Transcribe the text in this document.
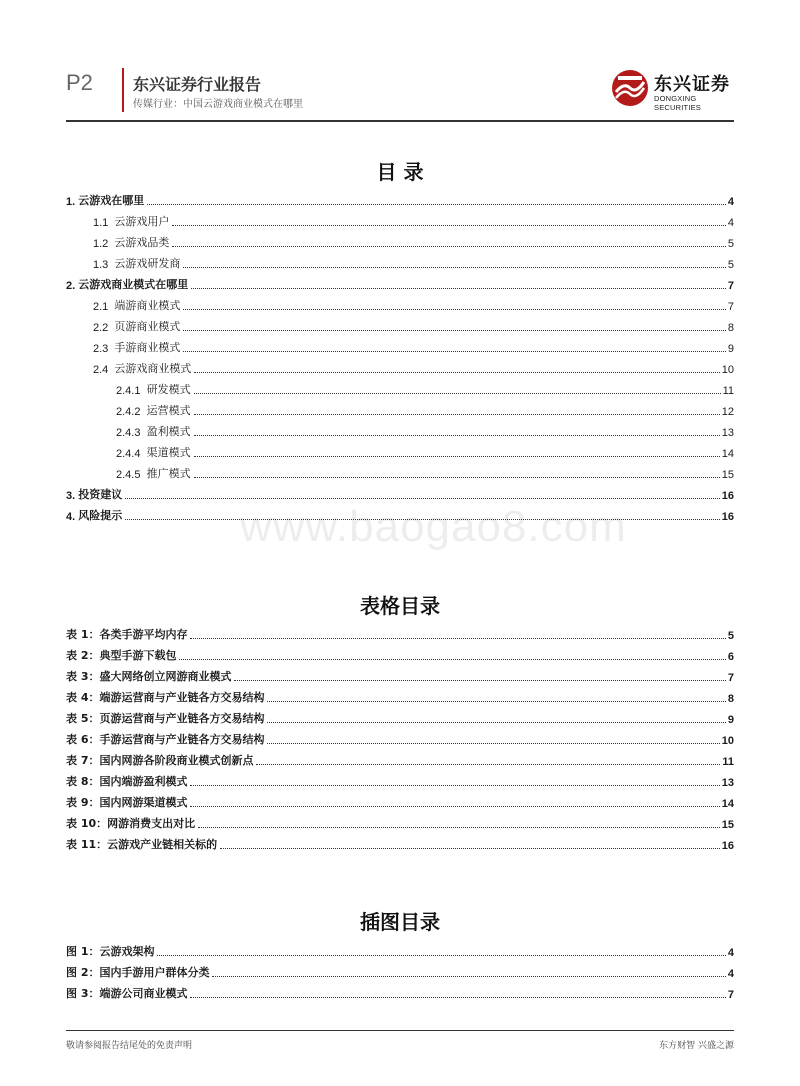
P2	东兴证券行业报告
传媒行业：中国云游戏商业模式在哪里
东兴证券
DONGXING SECURITIES
目 录
1. 云游戏在哪里	4
1.1 云游戏用户	4
1.2 云游戏品类	5
1.3 云游戏研发商	5
2. 云游戏商业模式在哪里	7
2.1 端游商业模式	7
2.2 页游商业模式	8
2.3 手游商业模式	9
2.4 云游戏商业模式	10
2.4.1 研发模式	11
2.4.2 运营模式	12
2.4.3 盈利模式	13
2.4.4 渠道模式	14
2.4.5 推广模式	15
3. 投资建议	16
4. 风险提示	16
www.baogao8.com
表格目录
表 1：各类手游平均内存	5
表 2：典型手游下载包	6
表 3：盛大网络创立网游商业模式	7
表 4：端游运营商与产业链各方交易结构	8
表 5：页游运营商与产业链各方交易结构	9
表 6：手游运营商与产业链各方交易结构	10
表 7：国内网游各阶段商业模式创新点	11
表 8：国内端游盈利模式	13
表 9：国内网游渠道模式	14
表 10：网游消费支出对比	15
表 11：云游戏产业链相关标的	16
插图目录
图 1：云游戏架构	4
图 2：国内手游用户群体分类	4
图 3：端游公司商业模式	7
敬请参阅报告结尾处的免责声明	东方财智 兴盛之源
